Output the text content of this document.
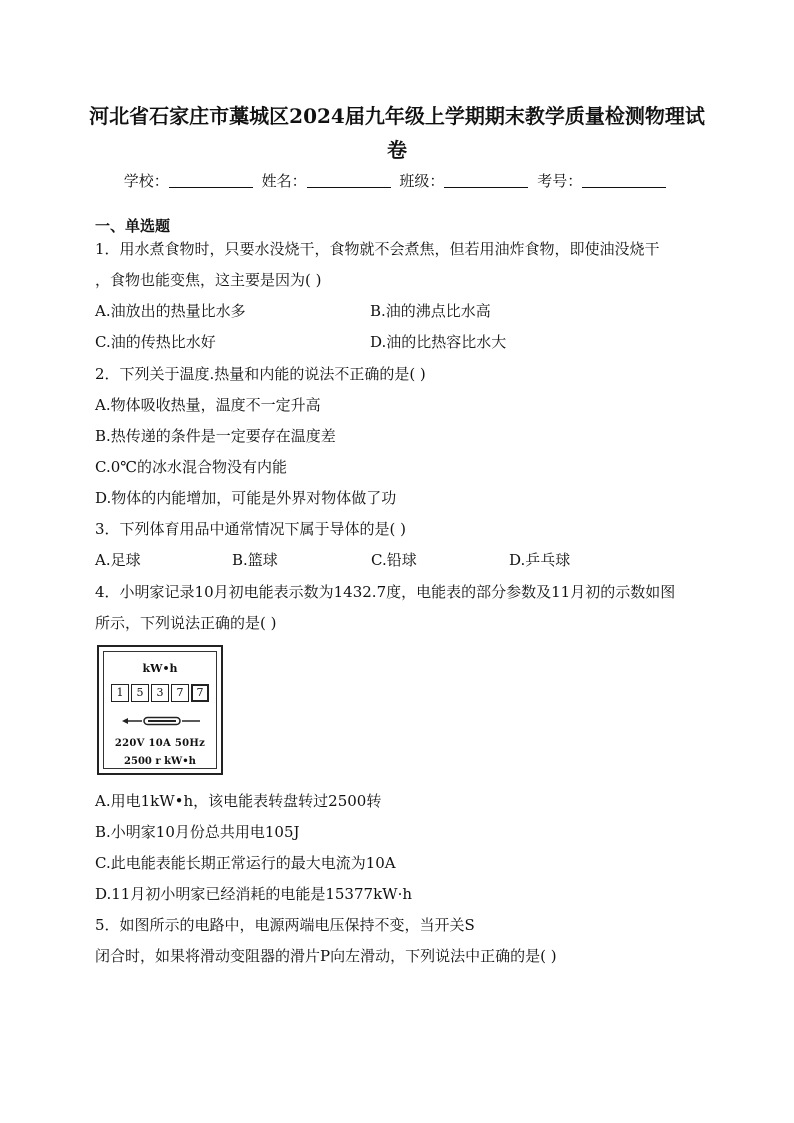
河北省石家庄市藁城区2024届九年级上学期期末教学质量检测物理试
卷
学校：	姓名：	班级：	考号：
一、单选题
1．用水煮食物时，只要水没烧干，食物就不会煮焦，但若用油炸食物，即使油没烧干
，食物也能变焦，这主要是因为( )
A.油放出的热量比水多	B.油的沸点比水高
C.油的传热比水好	D.油的比热容比水大
2．下列关于温度.热量和内能的说法不正确的是( )
A.物体吸收热量，温度不一定升高
B.热传递的条件是一定要存在温度差
C.0℃的冰水混合物没有内能
D.物体的内能增加，可能是外界对物体做了功
3．下列体育用品中通常情况下属于导体的是( )
A.足球	B.篮球	C.铅球	D.乒乓球
4．小明家记录10月初电能表示数为1432.7度，电能表的部分参数及11月初的示数如图
所示，下列说法正确的是( )
kW•h
1	5	3	7	7
220V 10A 50Hz
2500 r kW•h
A.用电1kW•h，该电能表转盘转过2500转
B.小明家10月份总共用电105J
C.此电能表能长期正常运行的最大电流为10A
D.11月初小明家已经消耗的电能是15377kW·h
5．如图所示的电路中，电源两端电压保持不变，当开关S
闭合时，如果将滑动变阻器的滑片P向左滑动，下列说法中正确的是( )
